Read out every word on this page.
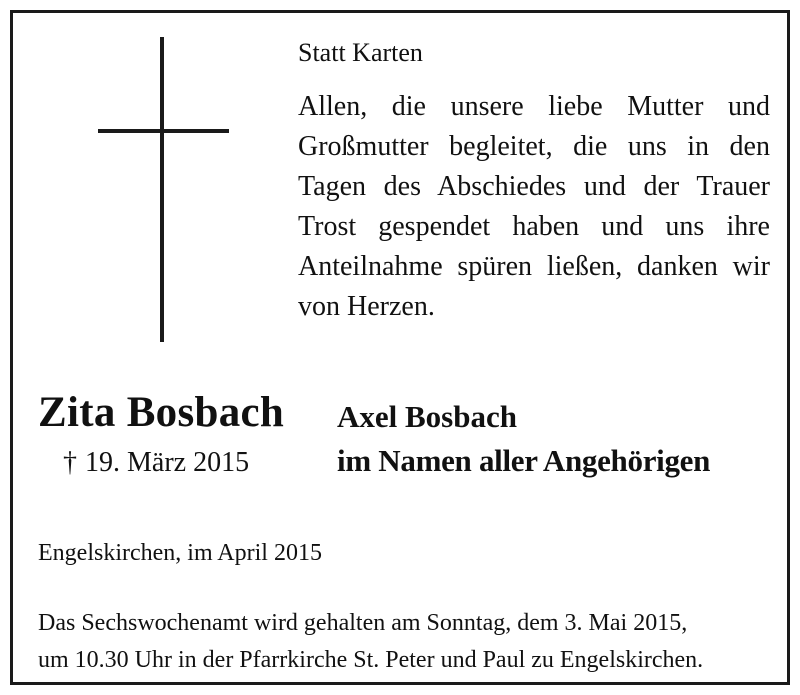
Statt Karten
Allen, die unsere liebe Mutter und Großmutter begleitet, die uns in den Tagen des Abschiedes und der Trauer Trost gespendet haben und uns ihre Anteilnahme spüren ließen, danken wir von Herzen.
Zita Bosbach
† 19. März 2015
Axel Bosbach
im Namen aller Angehörigen
Engelskirchen, im April 2015
Das Sechswochenamt wird gehalten am Sonntag, dem 3. Mai 2015,
um 10.30 Uhr in der Pfarrkirche St. Peter und Paul zu Engelskirchen.
